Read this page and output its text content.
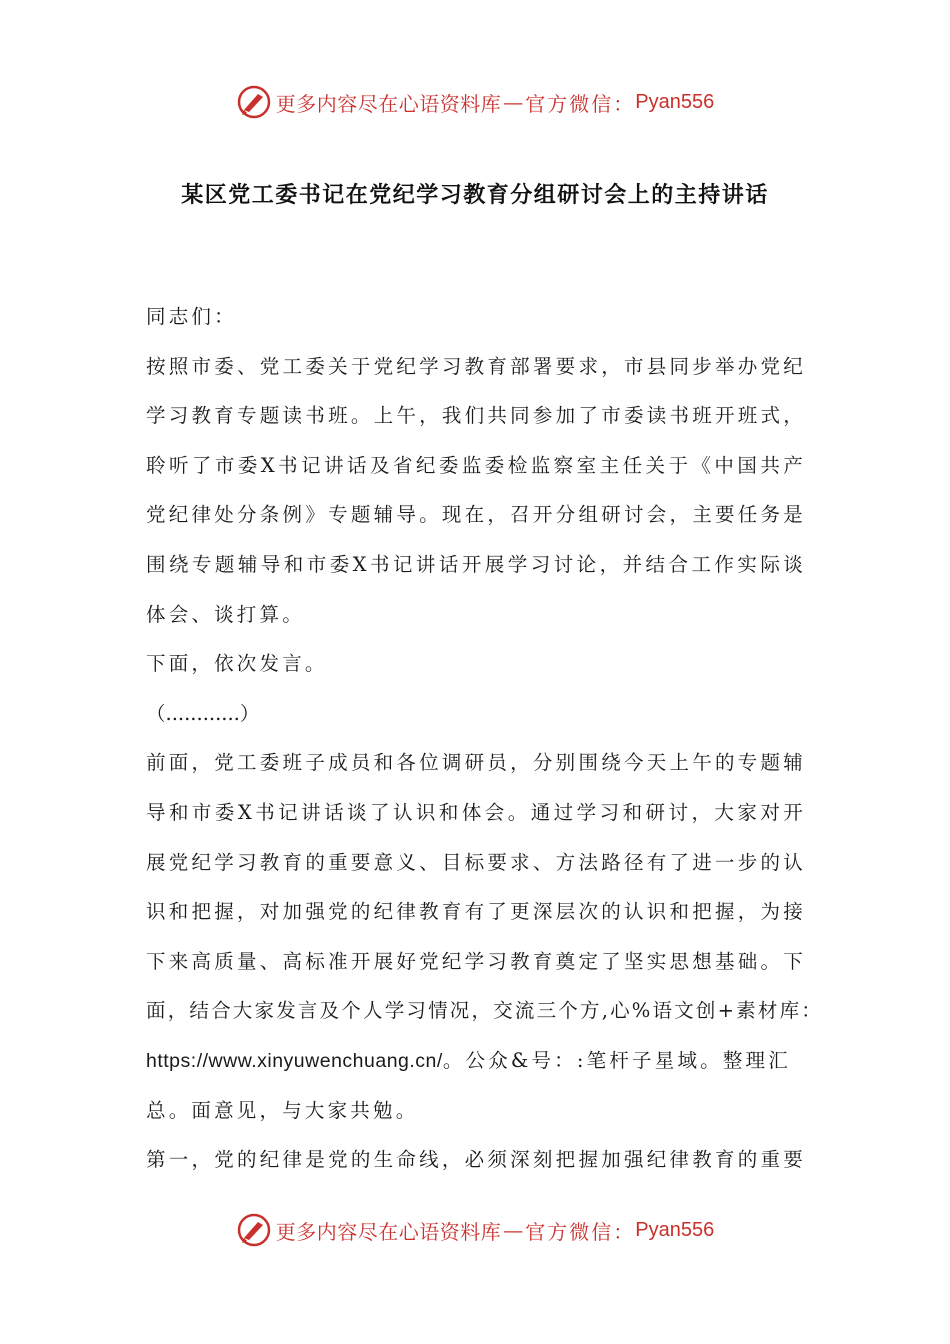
更多内容尽在心语资料库 — 官方微信： Pyan556
某区党工委书记在党纪学习教育分组研讨会上的主持讲话
同志们：
按照市委、党工委关于党纪学习教育部署要求，市县同步举办党纪
学习教育专题读书班。上午，我们共同参加了市委读书班开班式，
聆听了市委X书记讲话及省纪委监委检监察室主任关于《中国共产
党纪律处分条例》专题辅导。现在，召开分组研讨会，主要任务是
围绕专题辅导和市委X书记讲话开展学习讨论，并结合工作实际谈
体会、谈打算。
下面，依次发言。
（............）
前面，党工委班子成员和各位调研员，分别围绕今天上午的专题辅
导和市委X书记讲话谈了认识和体会。通过学习和研讨，大家对开
展党纪学习教育的重要意义、目标要求、方法路径有了进一步的认
识和把握，对加强党的纪律教育有了更深层次的认识和把握，为接
下来高质量、高标准开展好党纪学习教育奠定了坚实思想基础。下
面，结合大家发言及个人学习情况，交流三个方,心%语文创+素材库：
https://www.xinyuwenchuang.cn/。公众&号：:笔杆子星域。整理汇
总。面意见，与大家共勉。
第一，党的纪律是党的生命线，必须深刻把握加强纪律教育的重要
更多内容尽在心语资料库 — 官方微信： Pyan556
